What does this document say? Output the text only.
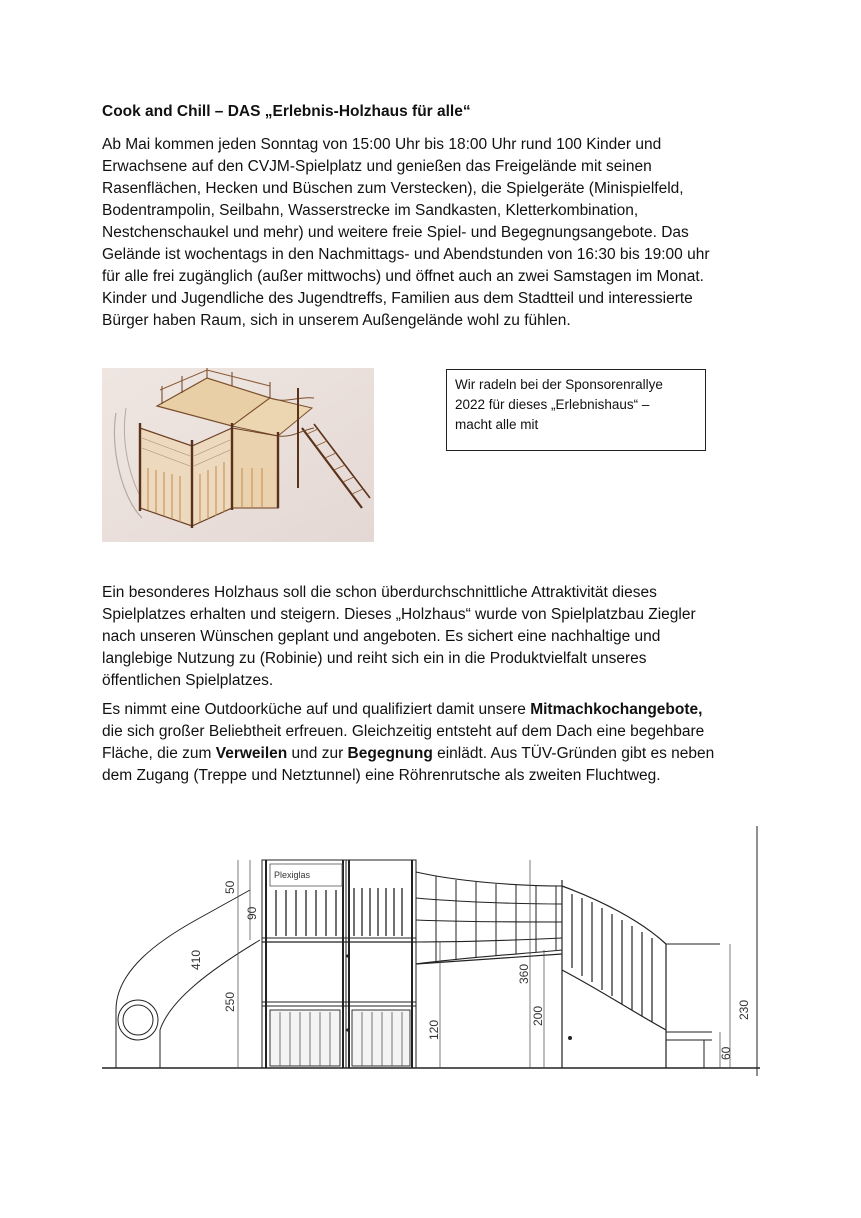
Cook and Chill – DAS „Erlebnis-Holzhaus für alle“
Ab Mai kommen jeden Sonntag von 15:00 Uhr bis 18:00 Uhr rund 100 Kinder und
Erwachsene auf den CVJM-Spielplatz und genießen das Freigelände mit seinen
Rasenflächen, Hecken und Büschen zum Verstecken), die Spielgeräte (Minispielfeld,
Bodentrampolin, Seilbahn, Wasserstrecke im Sandkasten, Kletterkombination,
Nestchenschaukel und mehr) und weitere freie Spiel- und Begegnungsangebote. Das
Gelände ist wochentags in den Nachmittags- und Abendstunden von 16:30 bis 19:00 uhr
für alle frei zugänglich (außer mittwochs) und öffnet auch an zwei Samstagen im Monat.
Kinder und Jugendliche des Jugendtreffs, Familien aus dem Stadtteil und interessierte
Bürger haben Raum, sich in unserem Außengelände wohl zu fühlen.
Wir radeln bei der Sponsorenrallye
2022 für dieses „Erlebnishaus“ –
macht alle mit
Ein besonderes Holzhaus soll die schon überdurchschnittliche Attraktivität dieses
Spielplatzes erhalten und steigern. Dieses „Holzhaus“ wurde von Spielplatzbau Ziegler
nach unseren Wünschen geplant und angeboten. Es sichert eine nachhaltige und
langlebige Nutzung zu (Robinie) und reiht sich ein in die Produktvielfalt unseres
öffentlichen Spielplatzes.
Es nimmt eine Outdoorküche auf und qualifiziert damit unsere Mitmachkochangebote,
die sich großer Beliebtheit erfreuen. Gleichzeitig entsteht auf dem Dach eine begehbare
Fläche, die zum Verweilen und zur Begegnung einlädt. Aus TÜV-Gründen gibt es neben
dem Zugang (Treppe und Netztunnel) eine Röhrenrutsche als zweiten Fluchtweg.
Plexiglas
410
50
90
250
120
360
200	230
60
